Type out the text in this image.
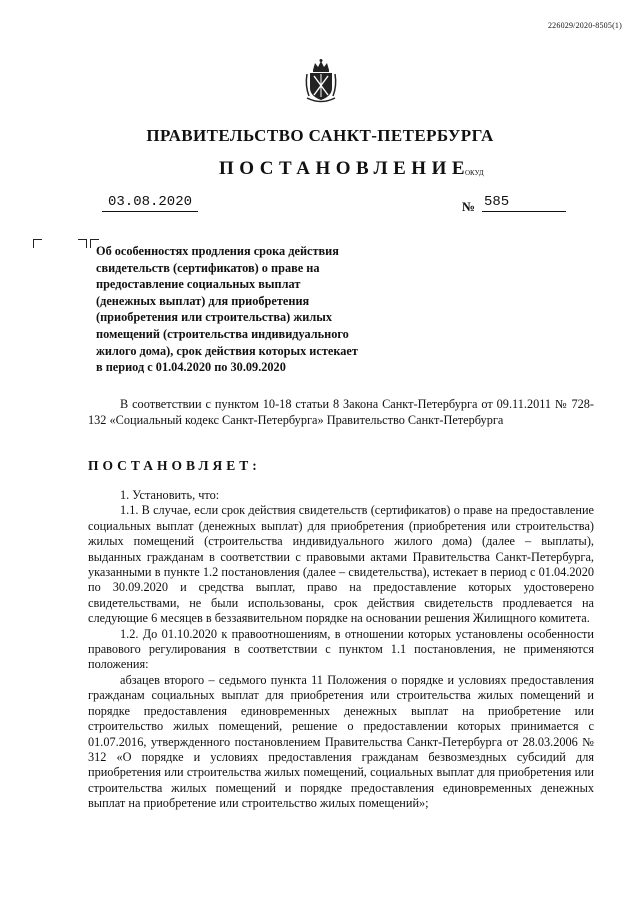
226029/2020-8505(1)
ПРАВИТЕЛЬСТВО САНКТ-ПЕТЕРБУРГА
ПОСТАНОВЛЕНИЕ
ОКУД
03.08.2020	№ 585
Об особенностях продления срока действия свидетельств (сертификатов) о праве на предоставление социальных выплат (денежных выплат) для приобретения (приобретения или строительства) жилых помещений (строительства индивидуального жилого дома), срок действия которых истекает в период с 01.04.2020 по 30.09.2020
В соответствии с пунктом 10-18 статьи 8 Закона Санкт-Петербурга от 09.11.2011 № 728-132 «Социальный кодекс Санкт-Петербурга» Правительство Санкт-Петербурга
ПОСТАНОВЛЯЕТ:

1. Установить, что:

1.1. В случае, если срок действия свидетельств (сертификатов) о праве на предоставление социальных выплат (денежных выплат) для приобретения (приобретения или строительства) жилых помещений (строительства индивидуального жилого дома) (далее – выплаты), выданных гражданам в соответствии с правовыми актами Правительства Санкт-Петербурга, указанными в пункте 1.2 постановления (далее – свидетельства), истекает в период с 01.04.2020 по 30.09.2020 и средства выплат, право на предоставление которых удостоверено свидетельствами, не были использованы, срок действия свидетельств продлевается на следующие 6 месяцев в беззаявительном порядке на основании решения Жилищного комитета.

1.2. До 01.10.2020 к правоотношениям, в отношении которых установлены особенности правового регулирования в соответствии с пунктом 1.1 постановления, не применяются положения:

абзацев второго – седьмого пункта 11 Положения о порядке и условиях предоставления гражданам социальных выплат для приобретения или строительства жилых помещений и порядке предоставления единовременных денежных выплат на приобретение или строительство жилых помещений, решение о предоставлении которых принимается с 01.07.2016, утвержденного постановлением Правительства Санкт-Петербурга от 28.03.2006 № 312 «О порядке и условиях предоставления гражданам безвозмездных субсидий для приобретения или строительства жилых помещений, социальных выплат для приобретения или строительства жилых помещений и порядке предоставления единовременных денежных выплат на приобретение или строительство жилых помещений»;
